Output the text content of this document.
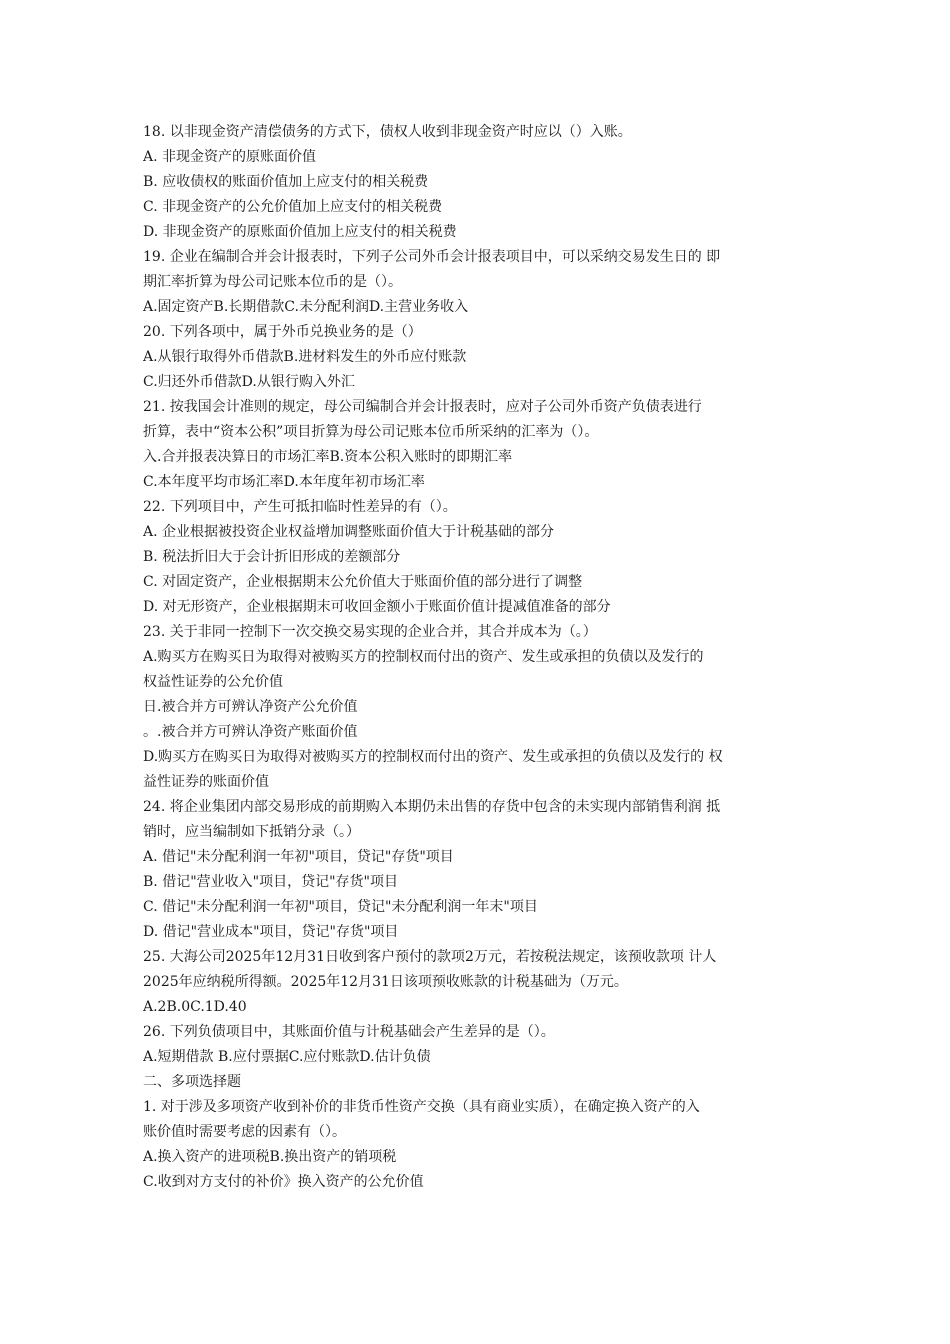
18. 以非现金资产清偿债务的方式下，债权人收到非现金资产时应以（）入账。
A. 非现金资产的原账面价值
B. 应收债权的账面价值加上应支付的相关税费
C. 非现金资产的公允价值加上应支付的相关税费
D. 非现金资产的原账面价值加上应支付的相关税费
19. 企业在编制合并会计报表时，下列子公司外币会计报表项目中，可以采纳交易发生日的 即
期汇率折算为母公司记账本位币的是（）。
A.固定资产B.长期借款C.未分配利润D.主营业务收入
20. 下列各项中，属于外币兑换业务的是（）
A.从银行取得外币借款B.进材料发生的外币应付账款
C.归还外币借款D.从银行购入外汇
21. 按我国会计准则的规定，母公司编制合并会计报表时，应对子公司外币资产负债表进行
折算，表中“资本公积”项目折算为母公司记账本位币所采纳的汇率为（）。
入.合并报表决算日的市场汇率B.资本公积入账时的即期汇率
C.本年度平均市场汇率D.本年度年初市场汇率
22. 下列项目中，产生可抵扣临时性差异的有（）。
A. 企业根据被投资企业权益增加调整账面价值大于计税基础的部分
B. 税法折旧大于会计折旧形成的差额部分
C. 对固定资产，企业根据期末公允价值大于账面价值的部分进行了调整
D. 对无形资产，企业根据期末可收回金额小于账面价值计提减值准备的部分
23. 关于非同一控制下一次交换交易实现的企业合并，其合并成本为（。）
A.购买方在购买日为取得对被购买方的控制权而付出的资产、发生或承担的负债以及发行的
权益性证券的公允价值
日.被合并方可辨认净资产公允价值
。.被合并方可辨认净资产账面价值
D.购买方在购买日为取得对被购买方的控制权而付出的资产、发生或承担的负债以及发行的 权
益性证券的账面价值
24. 将企业集团内部交易形成的前期购入本期仍未出售的存货中包含的未实现内部销售利润 抵
销时，应当编制如下抵销分录（。）
A. 借记"未分配利润一年初"项目，贷记"存货"项目
B. 借记"营业收入"项目，贷记"存货"项目
C. 借记"未分配利润一年初"项目，贷记"未分配利润一年末"项目
D. 借记"营业成本"项目，贷记"存货"项目
25. 大海公司2025年12月31日收到客户预付的款项2万元，若按税法规定，该预收款项 计人
2025年应纳税所得额。2025年12月31日该项预收账款的计税基础为（万元。
A.2B.0C.1D.40
26. 下列负债项目中，其账面价值与计税基础会产生差异的是（）。
A.短期借款 B.应付票据C.应付账款D.估计负债
二、多项选择题
1. 对于涉及多项资产收到补价的非货币性资产交换（具有商业实质），在确定换入资产的入
账价值时需要考虑的因素有（）。
A.换入资产的进项税B.换出资产的销项税
C.收到对方支付的补价》换入资产的公允价值
